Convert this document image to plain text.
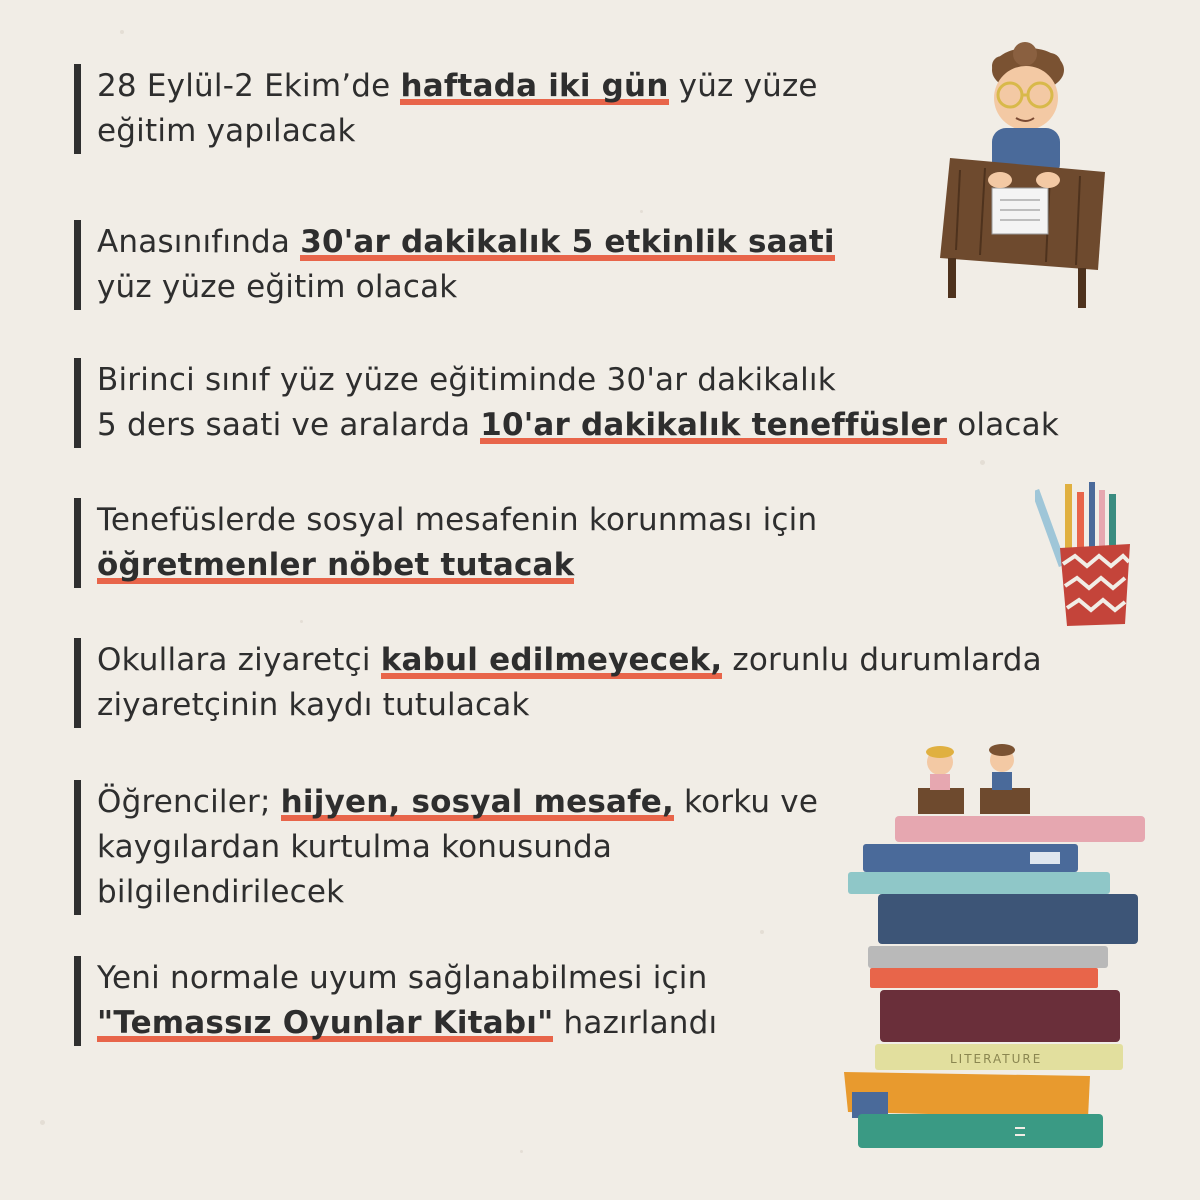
28 Eylül-2 Ekim’de haftada iki gün yüz yüze
eğitim yapılacak
Anasınıfında 30'ar dakikalık 5 etkinlik saati
yüz yüze eğitim olacak
Birinci sınıf yüz yüze eğitiminde 30'ar dakikalık
5 ders saati ve aralarda 10'ar dakikalık teneffüsler olacak
Tenefüslerde sosyal mesafenin korunması için
öğretmenler nöbet tutacak
Okullara ziyaretçi kabul edilmeyecek, zorunlu durumlarda
ziyaretçinin kaydı tutulacak
Öğrenciler; hijyen, sosyal mesafe, korku ve
kaygılardan kurtulma konusunda
bilgilendirilecek
Yeni normale uyum sağlanabilmesi için
"Temassız Oyunlar Kitabı" hazırlandı
LITERATURE
